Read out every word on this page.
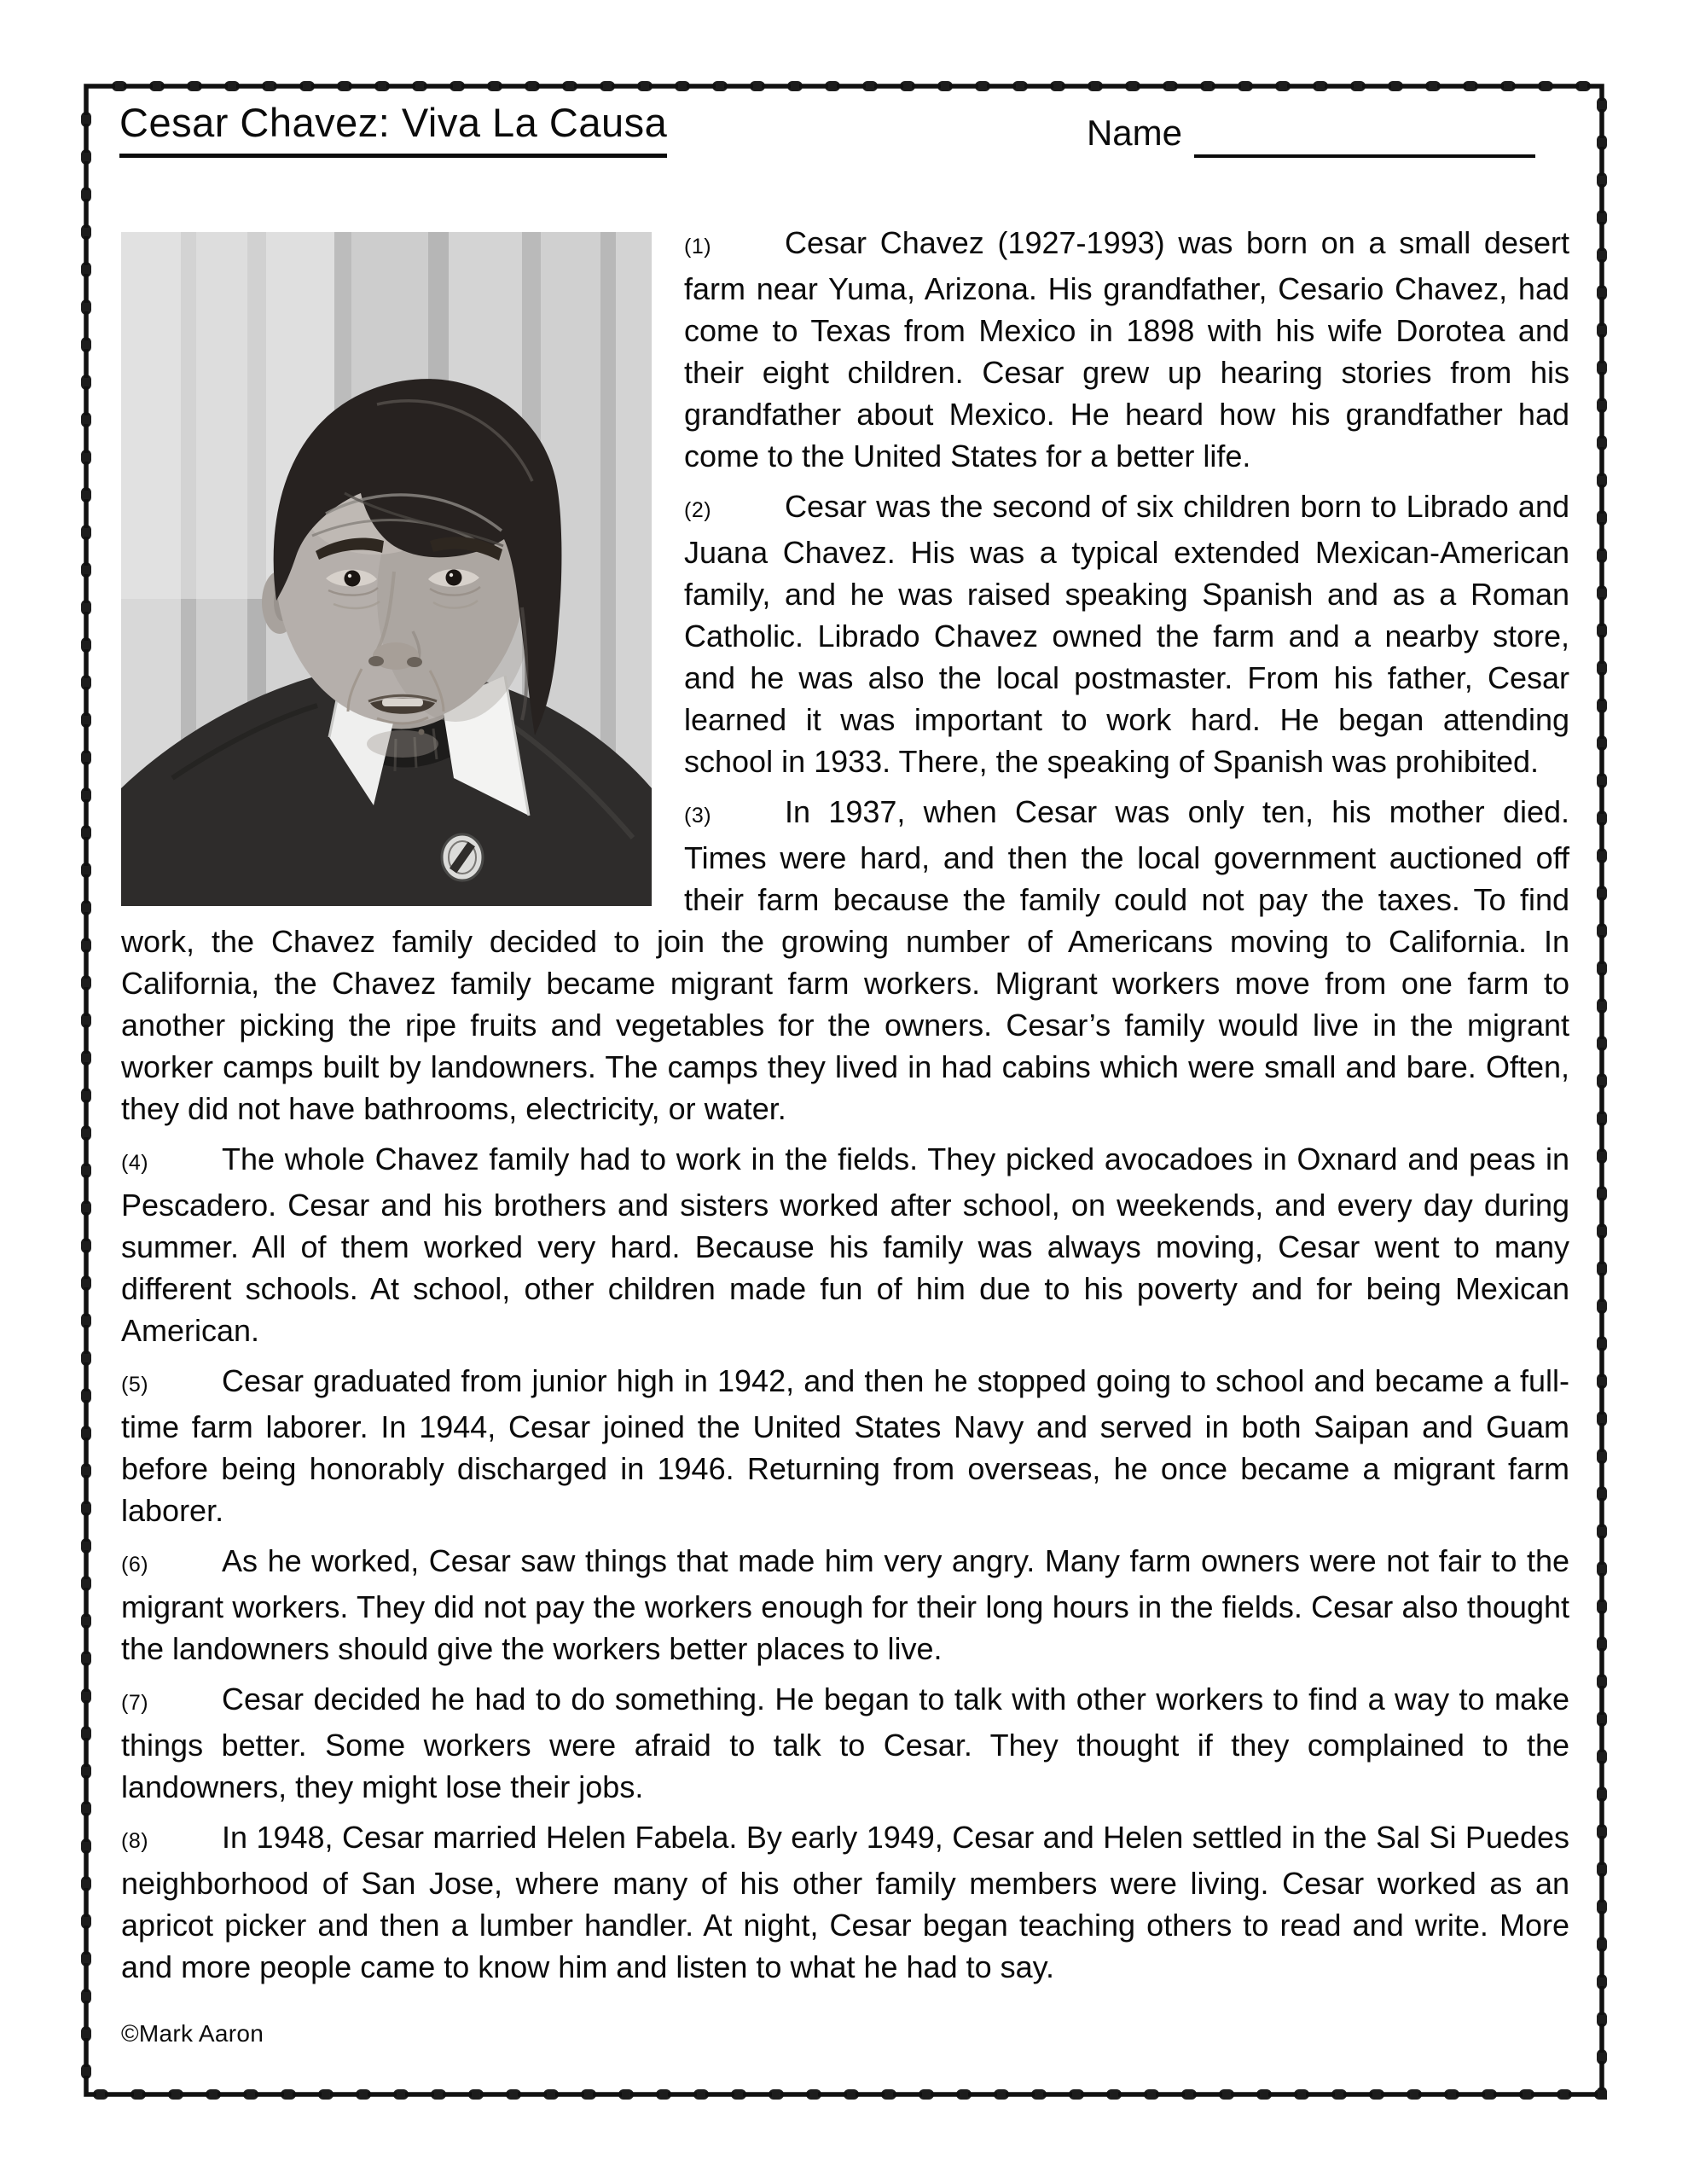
Cesar Chavez: Viva La Causa	Name

(1) Cesar Chavez (1927-1993) was born on a small desert farm near Yuma, Arizona. His grandfather, Cesario Chavez, had come to Texas from Mexico in 1898 with his wife Dorotea and their eight children. Cesar grew up hearing stories from his grandfather about Mexico. He heard how his grandfather had come to the United States for a better life.

(2) Cesar was the second of six children born to Librado and Juana Chavez. His was a typical extended Mexican-American family, and he was raised speaking Spanish and as a Roman Catholic. Librado Chavez owned the farm and a nearby store, and he was also the local postmaster. From his father, Cesar learned it was important to work hard. He began attending school in 1933. There, the speaking of Spanish was prohibited.

(3) In 1937, when Cesar was only ten, his mother died. Times were hard, and then the local government auctioned off their farm because the family could not pay the taxes. To find work, the Chavez family decided to join the growing number of Americans moving to California. In California, the Chavez family became migrant farm workers. Migrant workers move from one farm to another picking the ripe fruits and vegetables for the owners. Cesar’s family would live in the migrant worker camps built by landowners. The camps they lived in had cabins which were small and bare. Often, they did not have bathrooms, electricity, or water.

(4) The whole Chavez family had to work in the fields. They picked avocadoes in Oxnard and peas in Pescadero. Cesar and his brothers and sisters worked after school, on weekends, and every day during summer. All of them worked very hard. Because his family was always moving, Cesar went to many different schools. At school, other children made fun of him due to his poverty and for being Mexican American.

(5) Cesar graduated from junior high in 1942, and then he stopped going to school and became a full-time farm laborer. In 1944, Cesar joined the United States Navy and served in both Saipan and Guam before being honorably discharged in 1946. Returning from overseas, he once became a migrant farm laborer.

(6) As he worked, Cesar saw things that made him very angry. Many farm owners were not fair to the migrant workers. They did not pay the workers enough for their long hours in the fields. Cesar also thought the landowners should give the workers better places to live.

(7) Cesar decided he had to do something. He began to talk with other workers to find a way to make things better. Some workers were afraid to talk to Cesar. They thought if they complained to the landowners, they might lose their jobs.

(8) In 1948, Cesar married Helen Fabela. By early 1949, Cesar and Helen settled in the Sal Si Puedes neighborhood of San Jose, where many of his other family members were living. Cesar worked as an apricot picker and then a lumber handler. At night, Cesar began teaching others to read and write. More and more people came to know him and listen to what he had to say.

©Mark Aaron
